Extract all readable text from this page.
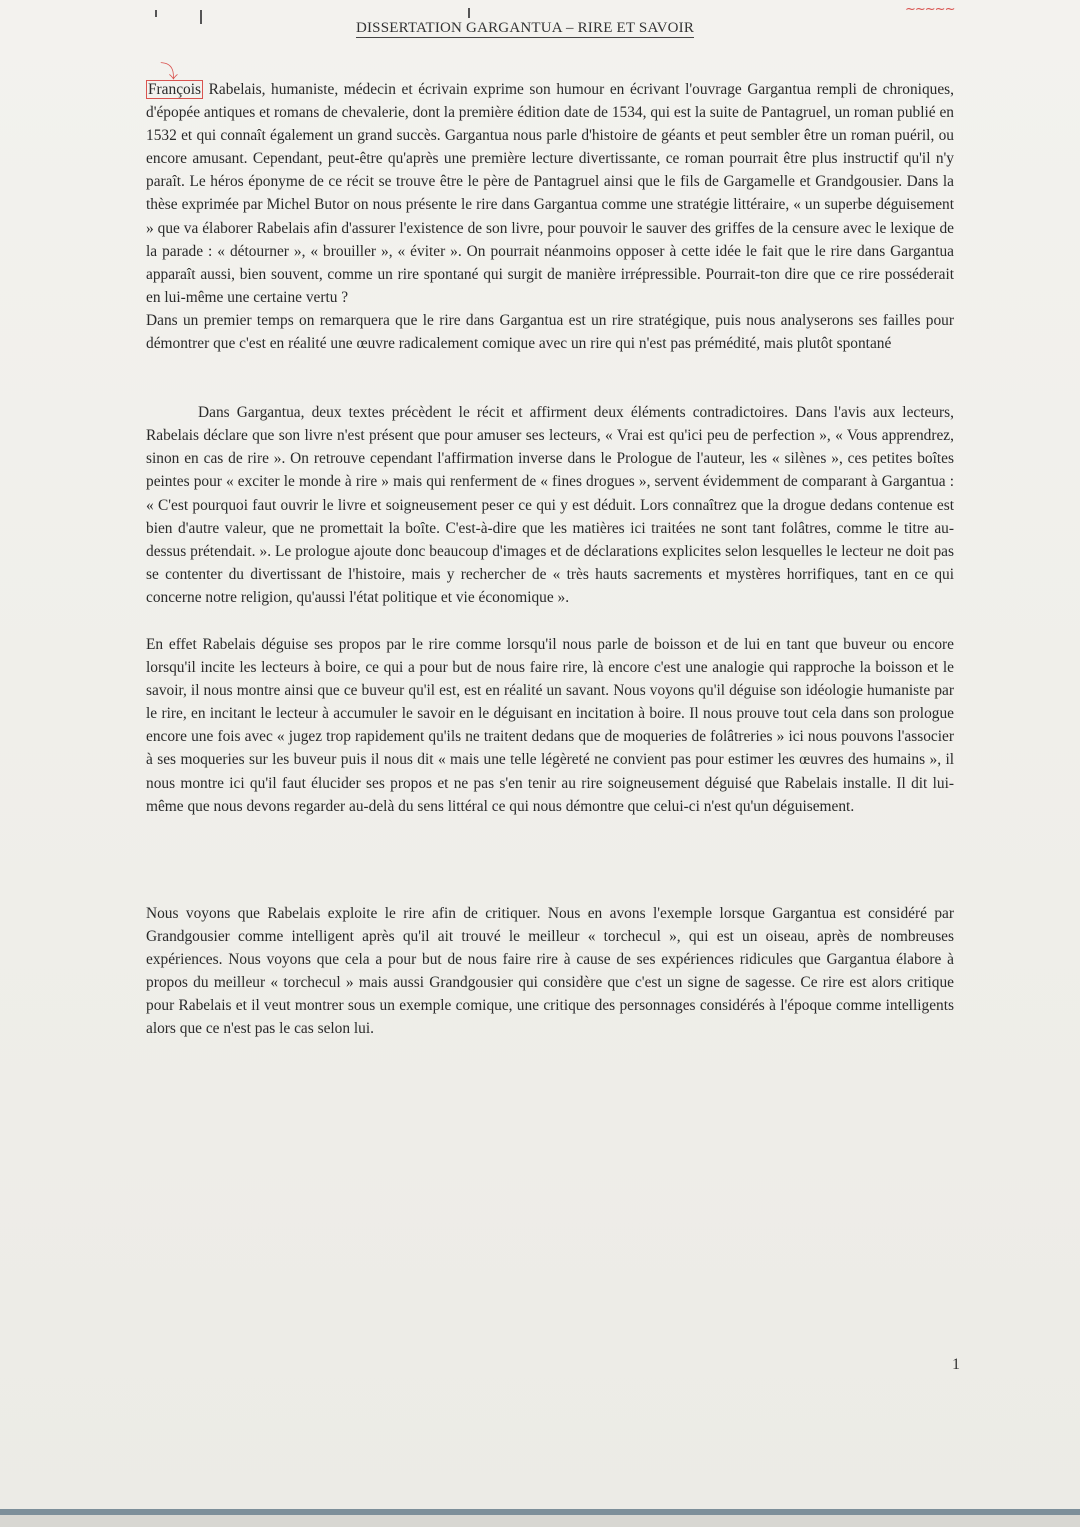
~~~~~
DISSERTATION GARGANTUA – RIRE ET SAVOIR
⤵

François Rabelais, humaniste, médecin et écrivain exprime son humour en écrivant l'ouvrage Gargantua rempli de chroniques, d'épopée antiques et romans de chevalerie, dont la première édition date de 1534, qui est la suite de Pantagruel, un roman publié en 1532 et qui connaît également un grand succès. Gargantua nous parle d'histoire de géants et peut sembler être un roman puéril, ou encore amusant. Cependant, peut-être qu'après une première lecture divertissante, ce roman pourrait être plus instructif qu'il n'y paraît. Le héros éponyme de ce récit se trouve être le père de Pantagruel ainsi que le fils de Gargamelle et Grandgousier. Dans la thèse exprimée par Michel Butor on nous présente le rire dans Gargantua comme une stratégie littéraire, « un superbe déguisement » que va élaborer Rabelais afin d'assurer l'existence de son livre, pour pouvoir le sauver des griffes de la censure avec le lexique de la parade : « détourner », « brouiller », « éviter ». On pourrait néanmoins opposer à cette idée le fait que le rire dans Gargantua apparaît aussi, bien souvent, comme un rire spontané qui surgit de manière irrépressible. Pourrait-ton dire que ce rire posséderait en lui-même une certaine vertu ?

Dans un premier temps on remarquera que le rire dans Gargantua est un rire stratégique, puis nous analyserons ses failles pour démontrer que c'est en réalité une œuvre radicalement comique avec un rire qui n'est pas prémédité, mais plutôt spontané

Dans Gargantua, deux textes précèdent le récit et affirment deux éléments contradictoires. Dans l'avis aux lecteurs, Rabelais déclare que son livre n'est présent que pour amuser ses lecteurs, « Vrai est qu'ici peu de perfection », « Vous apprendrez, sinon en cas de rire ». On retrouve cependant l'affirmation inverse dans le Prologue de l'auteur, les « silènes », ces petites boîtes peintes pour « exciter le monde à rire » mais qui renferment de « fines drogues », servent évidemment de comparant à Gargantua : « C'est pourquoi faut ouvrir le livre et soigneusement peser ce qui y est déduit. Lors connaîtrez que la drogue dedans contenue est bien d'autre valeur, que ne promettait la boîte. C'est-à-dire que les matières ici traitées ne sont tant folâtres, comme le titre au-dessus prétendait. ». Le prologue ajoute donc beaucoup d'images et de déclarations explicites selon lesquelles le lecteur ne doit pas se contenter du divertissant de l'histoire, mais y rechercher de « très hauts sacrements et mystères horrifiques, tant en ce qui concerne notre religion, qu'aussi l'état politique et vie économique ».

En effet Rabelais déguise ses propos par le rire comme lorsqu'il nous parle de boisson et de lui en tant que buveur ou encore lorsqu'il incite les lecteurs à boire, ce qui a pour but de nous faire rire, là encore c'est une analogie qui rapproche la boisson et le savoir, il nous montre ainsi que ce buveur qu'il est, est en réalité un savant. Nous voyons qu'il déguise son idéologie humaniste par le rire, en incitant le lecteur à accumuler le savoir en le déguisant en incitation à boire. Il nous prouve tout cela dans son prologue encore une fois avec « jugez trop rapidement qu'ils ne traitent dedans que de moqueries de folâtreries » ici nous pouvons l'associer à ses moqueries sur les buveur puis il nous dit « mais une telle légèreté ne convient pas pour estimer les œuvres des humains », il nous montre ici qu'il faut élucider ses propos et ne pas s'en tenir au rire soigneusement déguisé que Rabelais installe. Il dit lui-même que nous devons regarder au-delà du sens littéral ce qui nous démontre que celui-ci n'est qu'un déguisement.

Nous voyons que Rabelais exploite le rire afin de critiquer. Nous en avons l'exemple lorsque Gargantua est considéré par Grandgousier comme intelligent après qu'il ait trouvé le meilleur « torchecul », qui est un oiseau, après de nombreuses expériences. Nous voyons que cela a pour but de nous faire rire à cause de ses expériences ridicules que Gargantua élabore à propos du meilleur « torchecul » mais aussi Grandgousier qui considère que c'est un signe de sagesse. Ce rire est alors critique pour Rabelais et il veut montrer sous un exemple comique, une critique des personnages considérés à l'époque comme intelligents alors que ce n'est pas le cas selon lui.

1
